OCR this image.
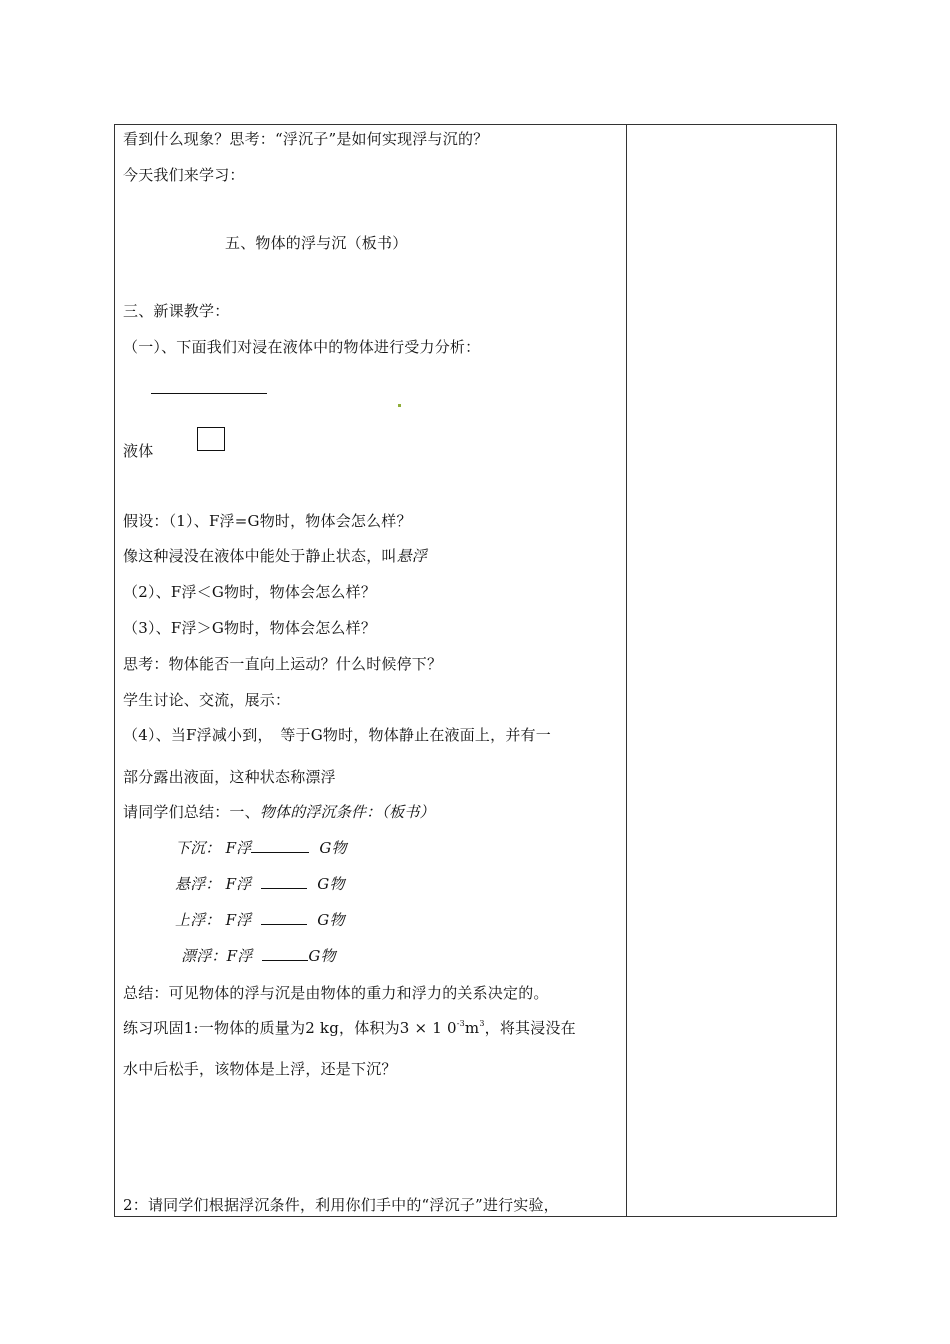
看到什么现象？思考：“浮沉子”是如何实现浮与沉的？
今天我们来学习：
五、物体的浮与沉（板书）
三、新课教学：
（一）、下面我们对浸在液体中的物体进行受力分析：
液体
假设：（1）、F浮=G物时，物体会怎么样？
像这种浸没在液体中能处于静止状态，叫悬浮
（2）、F浮＜G物时，物体会怎么样？
（3）、F浮＞G物时，物体会怎么样？
思考：物体能否一直向上运动？什么时候停下？
学生讨论、交流，展示：
（4）、当F浮减小到，　等于G物时，物体静止在液面上，并有一
部分露出液面，这种状态称漂浮
请同学们总结：一、物体的浮沉条件：（板书）
下沉： F浮	G物
悬浮： F浮	G物
上浮： F浮	G物
漂浮：F浮	G物
总结：可见物体的浮与沉是由物体的重力和浮力的关系决定的。
练习巩固1:一物体的质量为2 kg，体积为3 × 1 $0^{-3}m^3$，将其浸没在
水中后松手，该物体是上浮，还是下沉？
2：请同学们根据浮沉条件，利用你们手中的“浮沉子”进行实验，
